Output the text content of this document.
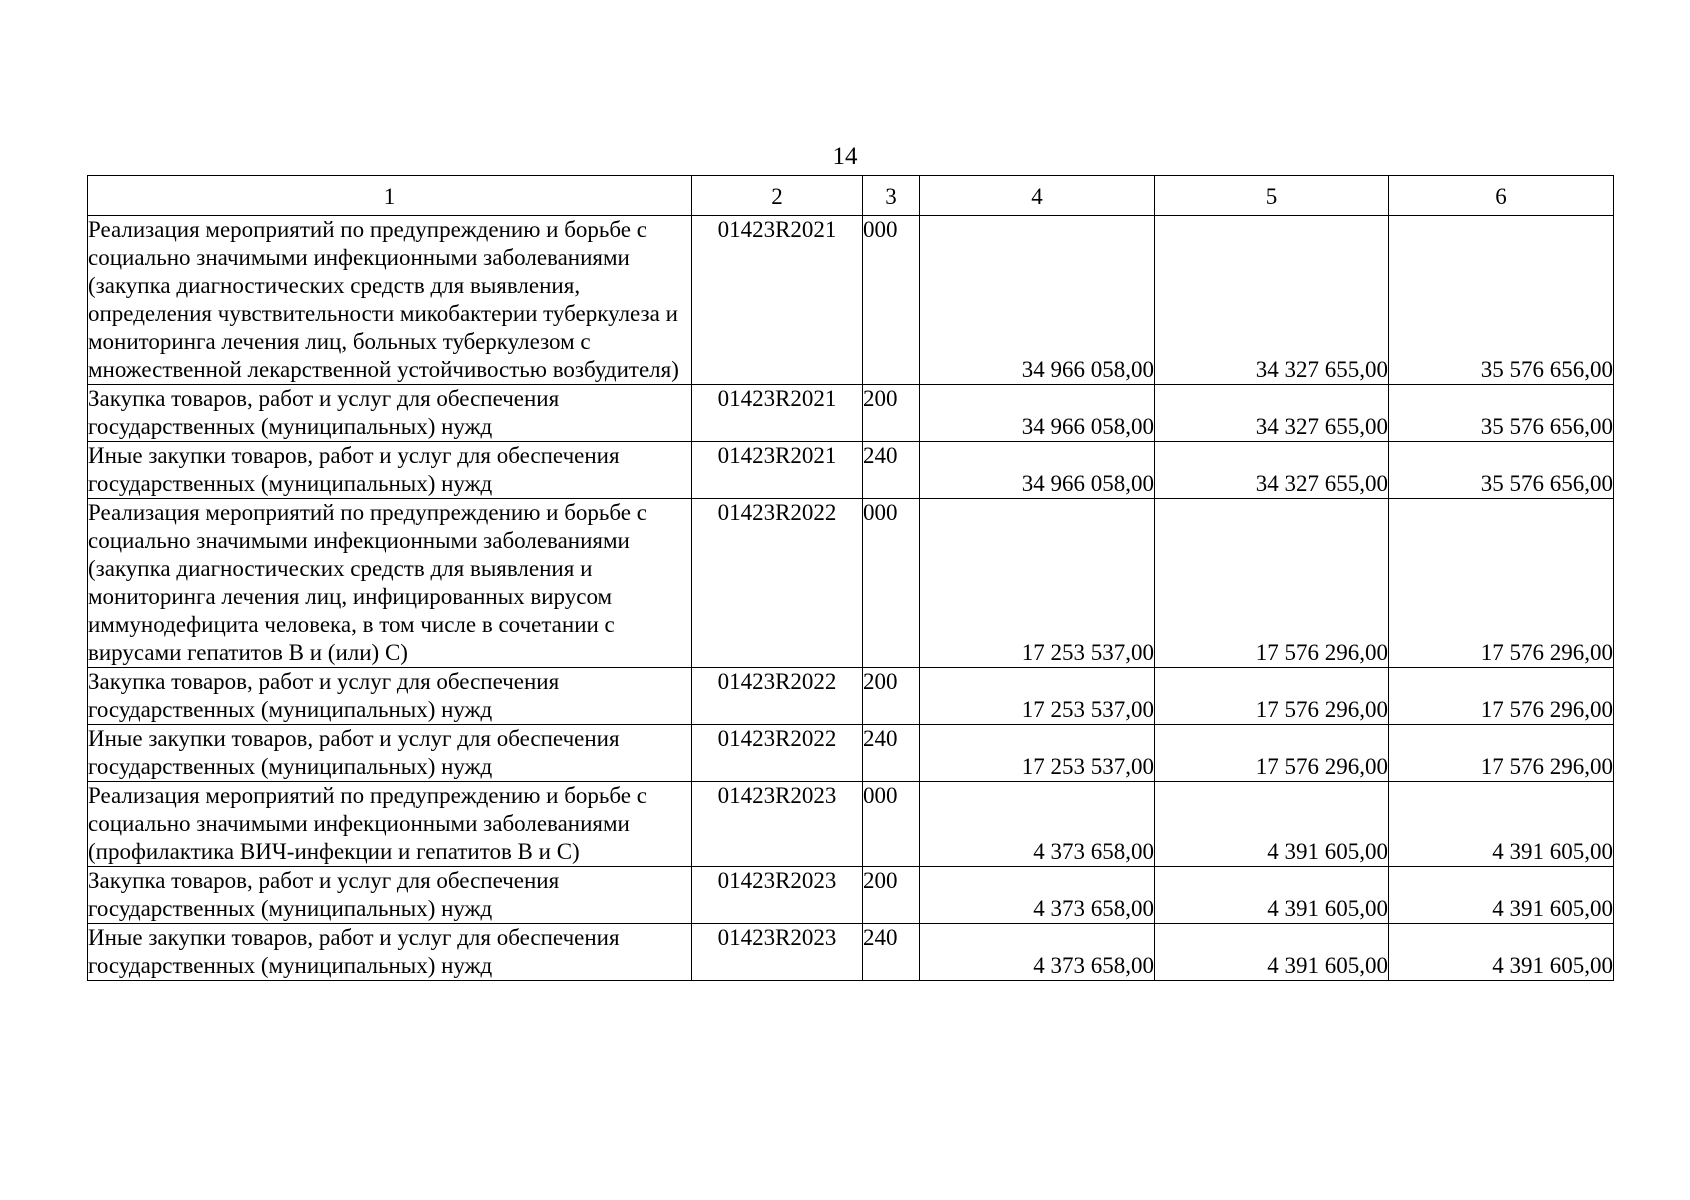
14
1	2	3	4	5	6
Реализация мероприятий по предупреждению и борьбе с социально значимыми инфекционными заболеваниями (закупка диагностических средств для выявления, определения чувствительности микобактерии туберкулеза и мониторинга лечения лиц, больных туберкулезом с множественной лекарственной устойчивостью возбудителя)	01423R2021	000	34 966 058,00	34 327 655,00	35 576 656,00
Закупка товаров, работ и услуг для обеспечения государственных (муниципальных) нужд	01423R2021	200	34 966 058,00	34 327 655,00	35 576 656,00
Иные закупки товаров, работ и услуг для обеспечения государственных (муниципальных) нужд	01423R2021	240	34 966 058,00	34 327 655,00	35 576 656,00
Реализация мероприятий по предупреждению и борьбе с социально значимыми инфекционными заболеваниями (закупка диагностических средств для выявления и мониторинга лечения лиц, инфицированных вирусом иммунодефицита человека, в том числе в сочетании с вирусами гепатитов В и (или) С)	01423R2022	000	17 253 537,00	17 576 296,00	17 576 296,00
Закупка товаров, работ и услуг для обеспечения государственных (муниципальных) нужд	01423R2022	200	17 253 537,00	17 576 296,00	17 576 296,00
Иные закупки товаров, работ и услуг для обеспечения государственных (муниципальных) нужд	01423R2022	240	17 253 537,00	17 576 296,00	17 576 296,00
Реализация мероприятий по предупреждению и борьбе с социально значимыми инфекционными заболеваниями (профилактика ВИЧ-инфекции и гепатитов В и С)	01423R2023	000	4 373 658,00	4 391 605,00	4 391 605,00
Закупка товаров, работ и услуг для обеспечения государственных (муниципальных) нужд	01423R2023	200	4 373 658,00	4 391 605,00	4 391 605,00
Иные закупки товаров, работ и услуг для обеспечения государственных (муниципальных) нужд	01423R2023	240	4 373 658,00	4 391 605,00	4 391 605,00
